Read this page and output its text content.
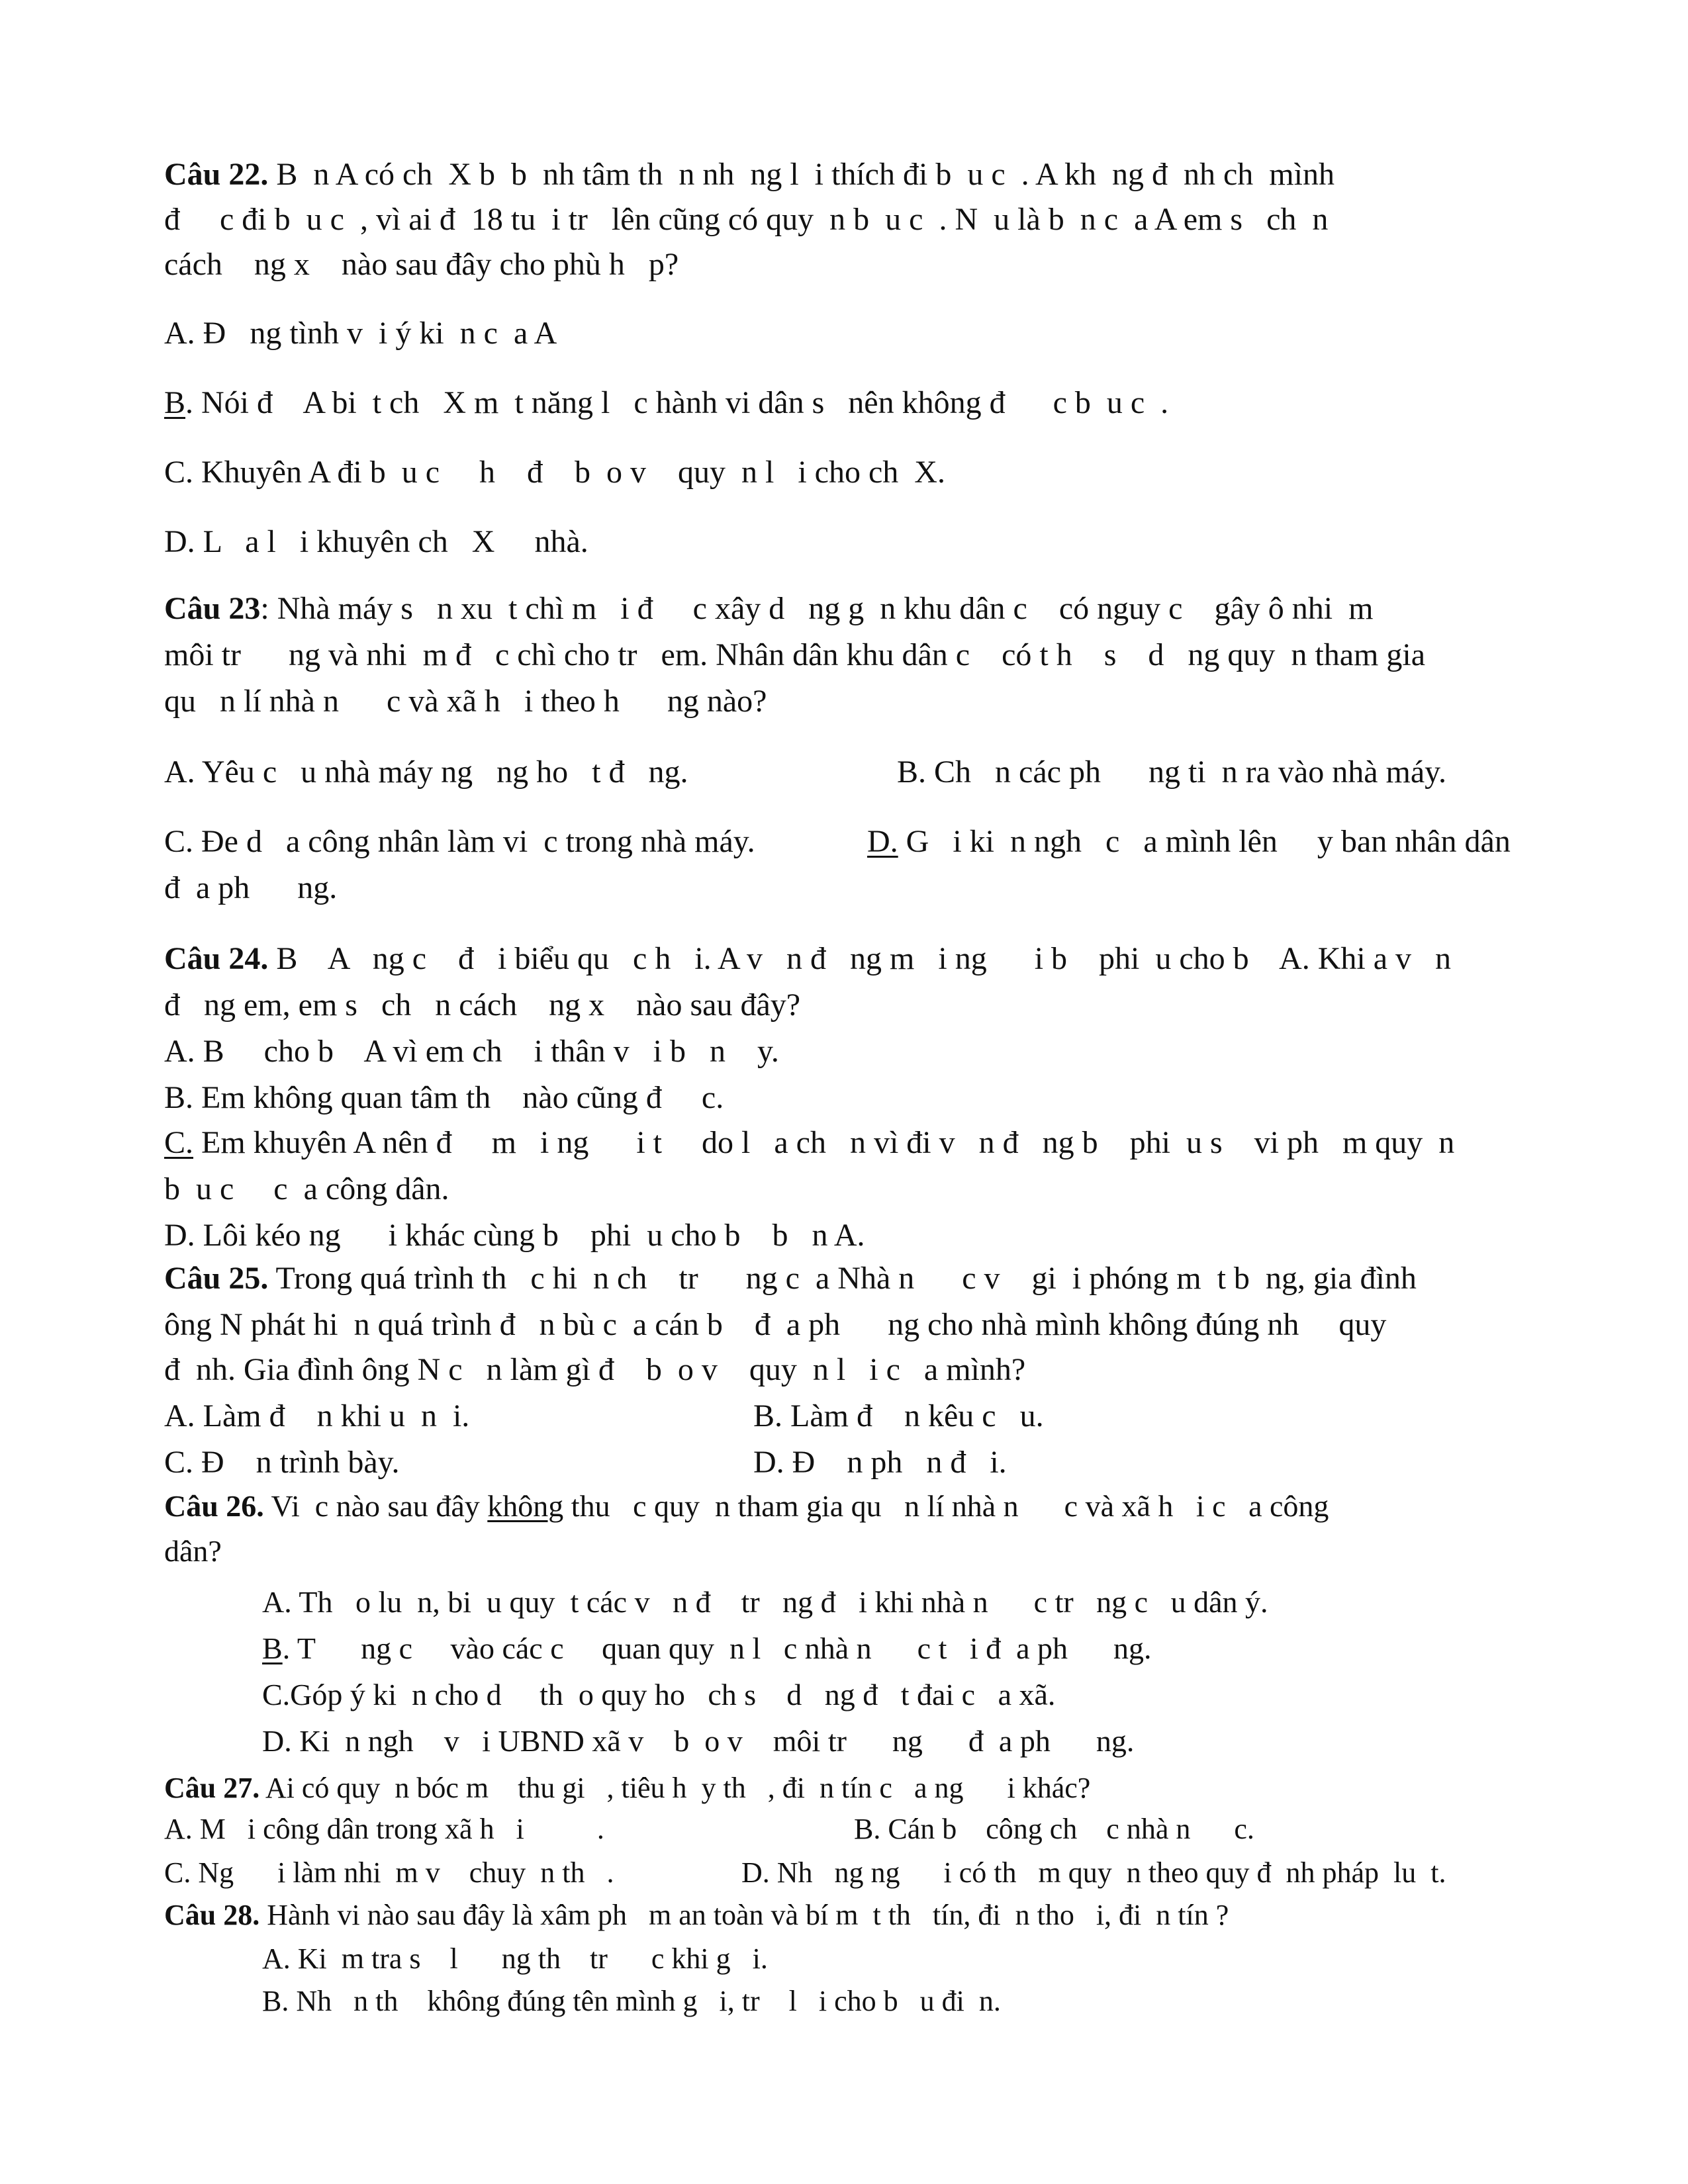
Câu 22. B  n A có ch  X b  b  nh tâm th  n nh  ng l  i thích đi b  u c  . A kh  ng đ  nh ch  mình
đ     c đi b  u c  , vì ai đ  18 tu  i tr   lên cũng có quy  n b  u c  . N  u là b  n c  a A em s   ch  n
cách    ng x    nào sau đây cho phù h   p?
A. Đ   ng tình v  i ý ki  n c  a A
B. Nói đ    A bi  t ch   X m  t năng l   c hành vi dân s   nên không đ      c b  u c  .
C. Khuyên A đi b  u c     h    đ    b  o v    quy  n l   i cho ch  X.
D. L   a l   i khuyên ch   X     nhà.
Câu 23: Nhà máy s   n xu  t chì m   i đ     c xây d   ng g  n khu dân c    có nguy c    gây ô nhi  m
môi tr      ng và nhi  m đ   c chì cho tr   em. Nhân dân khu dân c    có t h    s    d   ng quy  n tham gia
qu   n lí nhà n      c và xã h   i theo h      ng nào?
A. Yêu c   u nhà máy ng   ng ho   t đ   ng.	B. Ch   n các ph      ng ti  n ra vào nhà máy.
C. Đe d   a công nhân làm vi  c trong nhà máy.	D. G   i ki  n ngh   c   a mình lên     y ban nhân dân
đ  a ph      ng.
Câu 24. B    A   ng c    đ   i biểu qu   c h   i. A v   n đ   ng m   i ng      i b    phi  u cho b    A. Khi a v   n
đ   ng em, em s   ch   n cách    ng x    nào sau đây?
A. B     cho b    A vì em ch    i thân v   i b   n    y.
B. Em không quan tâm th    nào cũng đ     c.
C. Em khuyên A nên đ     m   i ng      i t     do l   a ch   n vì đi v   n đ   ng b    phi  u s    vi ph   m quy  n
b  u c     c  a công dân.
D. Lôi kéo ng      i khác cùng b    phi  u cho b    b   n A.
Câu 25. Trong quá trình th   c hi  n ch    tr      ng c  a Nhà n      c v    gi  i phóng m  t b  ng, gia đình
ông N phát hi  n quá trình đ   n bù c  a cán b    đ  a ph      ng cho nhà mình không đúng nh     quy
đ  nh. Gia đình ông N c   n làm gì đ    b  o v    quy  n l   i c   a mình?
A. Làm đ    n khi u  n  i.	B. Làm đ    n kêu c   u.
C. Đ    n trình bày.	D. Đ    n ph   n đ   i.
Câu 26. Vi  c nào sau đây không thu   c quy  n tham gia qu   n lí nhà n      c và xã h   i c   a công
dân?
A. Th   o lu  n, bi  u quy  t các v   n đ    tr   ng đ   i khi nhà n      c tr   ng c   u dân ý.
B. T      ng c     vào các c     quan quy  n l   c nhà n      c t   i đ  a ph      ng.
C.Góp ý ki  n cho d     th  o quy ho   ch s    d   ng đ   t đai c   a xã.
D. Ki  n ngh    v   i UBND xã v    b  o v    môi tr      ng      đ  a ph      ng.
Câu 27. Ai có quy  n bóc m    thu gi   , tiêu h  y th   , đi  n tín c   a ng      i khác?
A. M   i công dân trong xã h   i          .	B. Cán b    công ch    c nhà n      c.
C. Ng      i làm nhi  m v    chuy  n th   .	D. Nh   ng ng      i có th   m quy  n theo quy đ  nh pháp  lu  t.
Câu 28. Hành vi nào sau đây là xâm ph   m an toàn và bí m  t th   tín, đi  n tho   i, đi  n tín ?
A. Ki  m tra s    l      ng th    tr      c khi g   i.
B. Nh   n th    không đúng tên mình g   i, tr    l   i cho b   u đi  n.
